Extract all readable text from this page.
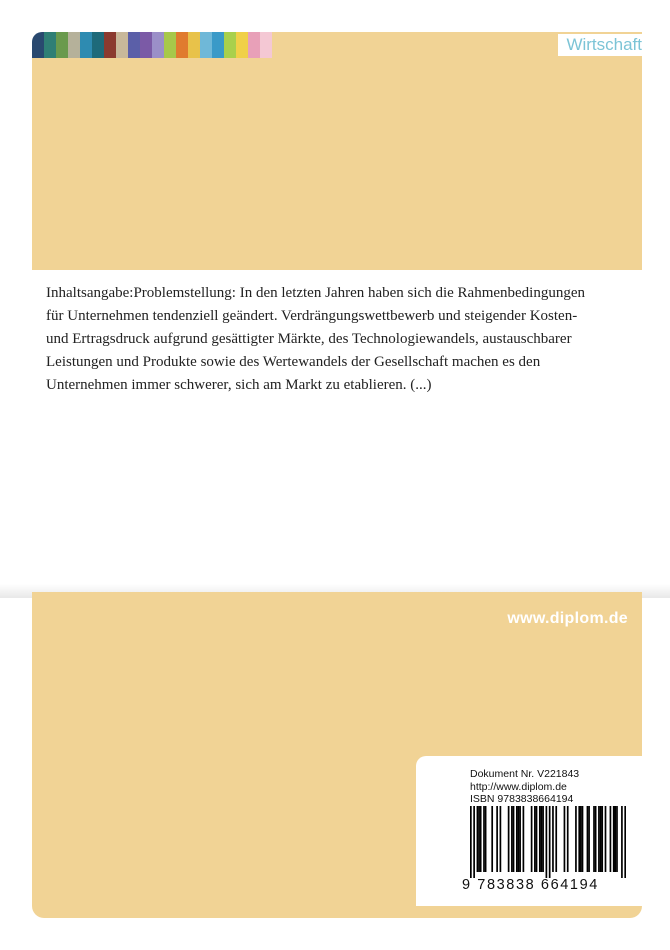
Wirtschaft

Inhaltsangabe:Problemstellung: In den letzten Jahren haben sich die Rahmenbedingungen
für Unternehmen tendenziell geändert. Verdrängungswettbewerb und steigender Kosten-
und Ertragsdruck aufgrund gesättigter Märkte, des Technologiewandels, austauschbarer
Leistungen und Produkte sowie des Wertewandels der Gesellschaft machen es den
Unternehmen immer schwerer, sich am Markt zu etablieren. (...)

www.diplom.de
Dokument Nr. V221843
http://www.diplom.de
ISBN 9783838664194
9 783838 664194
